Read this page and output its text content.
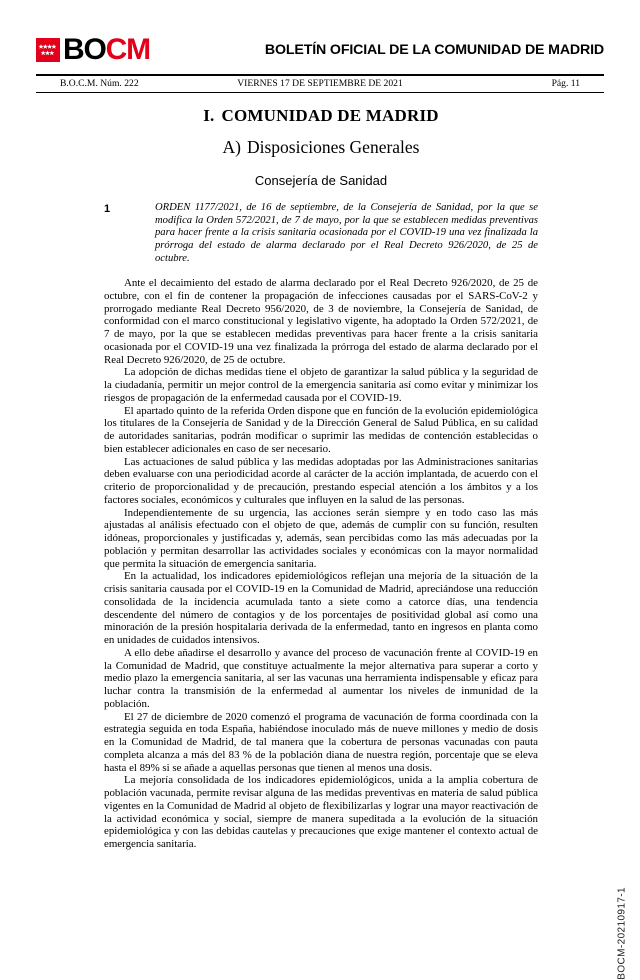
BOCM	BOLETÍN OFICIAL DE LA COMUNIDAD DE MADRID
B.O.C.M. Núm. 222	VIERNES 17 DE SEPTIEMBRE DE 2021	Pág. 11
I. COMUNIDAD DE MADRID
A) Disposiciones Generales
Consejería de Sanidad
1	ORDEN 1177/2021, de 16 de septiembre, de la Consejería de Sanidad, por la que se modifica la Orden 572/2021, de 7 de mayo, por la que se establecen medidas preventivas para hacer frente a la crisis sanitaria ocasionada por el COVID-19 una vez finalizada la prórroga del estado de alarma declarado por el Real Decreto 926/2020, de 25 de octubre.

Ante el decaimiento del estado de alarma declarado por el Real Decreto 926/2020, de 25 de octubre, con el fin de contener la propagación de infecciones causadas por el SARS-CoV-2 y prorrogado mediante Real Decreto 956/2020, de 3 de noviembre, la Consejería de Sanidad, de conformidad con el marco constitucional y legislativo vigente, ha adoptado la Orden 572/2021, de 7 de mayo, por la que se establecen medidas preventivas para hacer frente a la crisis sanitaria ocasionada por el COVID-19 una vez finalizada la prórroga del estado de alarma declarado por el Real Decreto 926/2020, de 25 de octubre.

La adopción de dichas medidas tiene el objeto de garantizar la salud pública y la seguridad de la ciudadanía, permitir un mejor control de la emergencia sanitaria así como evitar y minimizar los riesgos de propagación de la enfermedad causada por el COVID-19.

El apartado quinto de la referida Orden dispone que en función de la evolución epidemiológica los titulares de la Consejería de Sanidad y de la Dirección General de Salud Pública, en su calidad de autoridades sanitarias, podrán modificar o suprimir las medidas de contención establecidas o bien establecer adicionales en caso de ser necesario.

Las actuaciones de salud pública y las medidas adoptadas por las Administraciones sanitarias deben evaluarse con una periodicidad acorde al carácter de la acción implantada, de acuerdo con el criterio de proporcionalidad y de precaución, prestando especial atención a los ámbitos y a los factores sociales, económicos y culturales que influyen en la salud de las personas.

Independientemente de su urgencia, las acciones serán siempre y en todo caso las más ajustadas al análisis efectuado con el objeto de que, además de cumplir con su función, resulten idóneas, proporcionales y justificadas y, además, sean percibidas como las más adecuadas por la población y permitan desarrollar las actividades sociales y económicas con la mayor normalidad que permita la situación de emergencia sanitaria.

En la actualidad, los indicadores epidemiológicos reflejan una mejoría de la situación de la crisis sanitaria causada por el COVID-19 en la Comunidad de Madrid, apreciándose una reducción consolidada de la incidencia acumulada tanto a siete como a catorce días, una tendencia descendente del número de contagios y de los porcentajes de positividad global así como una minoración de la presión hospitalaria derivada de la enfermedad, tanto en ingresos en planta como en unidades de cuidados intensivos.

A ello debe añadirse el desarrollo y avance del proceso de vacunación frente al COVID-19 en la Comunidad de Madrid, que constituye actualmente la mejor alternativa para superar a corto y medio plazo la emergencia sanitaria, al ser las vacunas una herramienta indispensable y eficaz para luchar contra la transmisión de la enfermedad al aumentar los niveles de inmunidad de la población.

El 27 de diciembre de 2020 comenzó el programa de vacunación de forma coordinada con la estrategia seguida en toda España, habiéndose inoculado más de nueve millones y medio de dosis en la Comunidad de Madrid, de tal manera que la cobertura de personas vacunadas con pauta completa alcanza a más del 83 % de la población diana de nuestra región, porcentaje que se eleva hasta el 89% si se añade a aquellas personas que tienen al menos una dosis.

La mejoría consolidada de los indicadores epidemiológicos, unida a la amplia cobertura de población vacunada, permite revisar alguna de las medidas preventivas en materia de salud pública vigentes en la Comunidad de Madrid al objeto de flexibilizarlas y lograr una mayor reactivación de la actividad económica y social, siempre de manera supeditada a la evolución de la situación epidemiológica y con las debidas cautelas y precauciones que exige mantener el contexto actual de emergencia sanitaria.

BOCM-20210917-1
